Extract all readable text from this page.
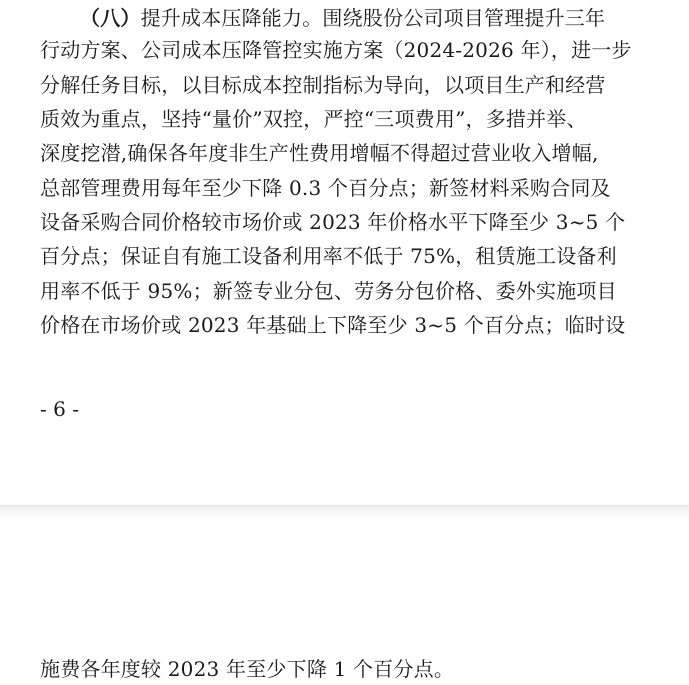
（八）提升成本压降能力。围绕股份公司项目管理提升三年
行动方案、公司成本压降管控实施方案（2024-2026 年），进一步
分解任务目标，以目标成本控制指标为导向，以项目生产和经营
质效为重点，坚持“量价”双控，严控“三项费用”，多措并举、
深度挖潜,确保各年度非生产性费用增幅不得超过营业收入增幅,
总部管理费用每年至少下降 0.3 个百分点；新签材料采购合同及
设备采购合同价格较市场价或 2023 年价格水平下降至少 3~5 个
百分点；保证自有施工设备利用率不低于 75%，租赁施工设备利
用率不低于 95%；新签专业分包、劳务分包价格、委外实施项目
价格在市场价或 2023 年基础上下降至少 3~5 个百分点；临时设
- 6 -
施费各年度较 2023 年至少下降 1 个百分点。
